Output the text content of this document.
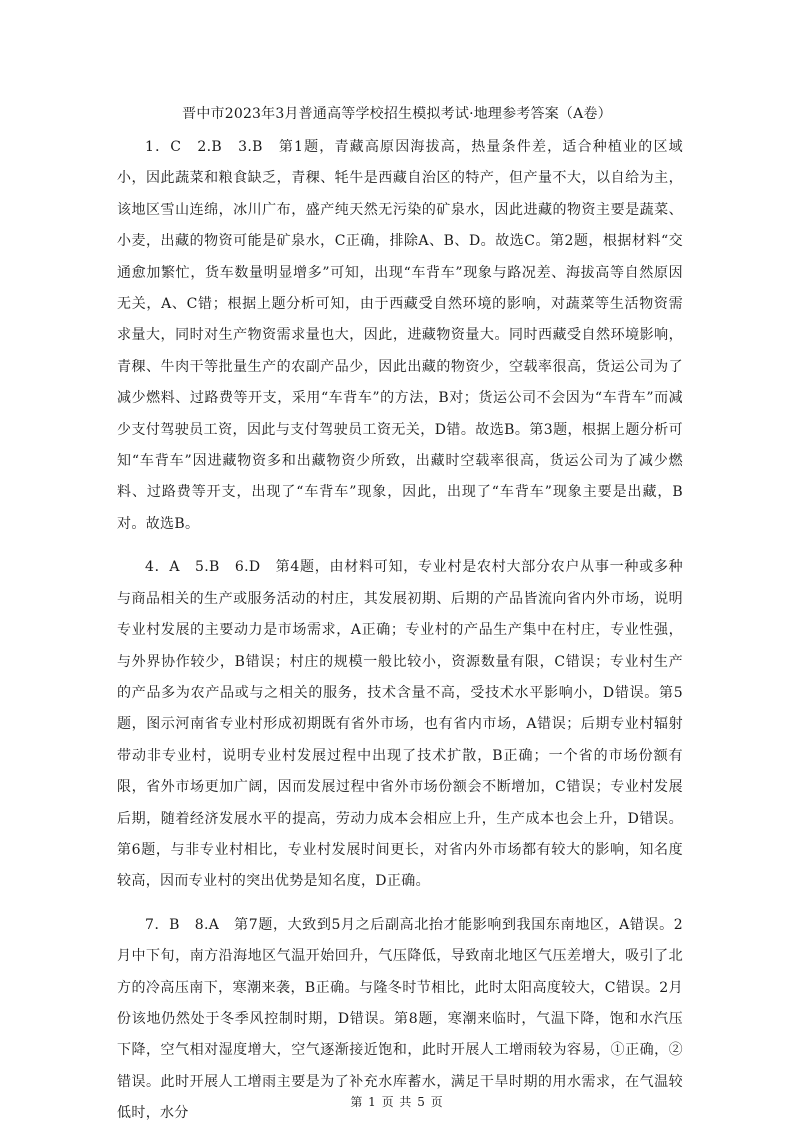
晋中市2023年3月普通高等学校招生模拟考试·地理参考答案（A卷）

1．C　2.B　3.B　第1题，青藏高原因海拔高，热量条件差，适合种植业的区域小，因此蔬菜和粮食缺乏，青稞、牦牛是西藏自治区的特产，但产量不大，以自给为主，该地区雪山连绵，冰川广布，盛产纯天然无污染的矿泉水，因此进藏的物资主要是蔬菜、小麦，出藏的物资可能是矿泉水，C正确，排除A、B、D。故选C。第2题，根据材料“交通愈加繁忙，货车数量明显增多”可知，出现“车背车”现象与路况差、海拔高等自然原因无关，A、C错；根据上题分析可知，由于西藏受自然环境的影响，对蔬菜等生活物资需求量大，同时对生产物资需求量也大，因此，进藏物资量大。同时西藏受自然环境影响，青稞、牛肉干等批量生产的农副产品少，因此出藏的物资少，空载率很高，货运公司为了减少燃料、过路费等开支，采用“车背车”的方法，B对；货运公司不会因为“车背车”而减少支付驾驶员工资，因此与支付驾驶员工资无关，D错。故选B。第3题，根据上题分析可知“车背车”因进藏物资多和出藏物资少所致，出藏时空载率很高，货运公司为了减少燃料、过路费等开支，出现了“车背车”现象，因此，出现了“车背车”现象主要是出藏，B对。故选B。

4．A　5.B　6.D　第4题，由材料可知，专业村是农村大部分农户从事一种或多种与商品相关的生产或服务活动的村庄，其发展初期、后期的产品皆流向省内外市场，说明专业村发展的主要动力是市场需求，A正确；专业村的产品生产集中在村庄，专业性强，与外界协作较少，B错误；村庄的规模一般比较小，资源数量有限，C错误；专业村生产的产品多为农产品或与之相关的服务，技术含量不高，受技术水平影响小，D错误。第5题，图示河南省专业村形成初期既有省外市场，也有省内市场，A错误；后期专业村辐射带动非专业村，说明专业村发展过程中出现了技术扩散，B正确；一个省的市场份额有限，省外市场更加广阔，因而发展过程中省外市场份额会不断增加，C错误；专业村发展后期，随着经济发展水平的提高，劳动力成本会相应上升，生产成本也会上升，D错误。第6题，与非专业村相比，专业村发展时间更长，对省内外市场都有较大的影响，知名度较高，因而专业村的突出优势是知名度，D正确。

7．B　8.A　第7题，大致到5月之后副高北抬才能影响到我国东南地区，A错误。2月中下旬，南方沿海地区气温开始回升，气压降低，导致南北地区气压差增大，吸引了北方的冷高压南下，寒潮来袭，B正确。与隆冬时节相比，此时太阳高度较大，C错误。2月份该地仍然处于冬季风控制时期，D错误。第8题，寒潮来临时，气温下降，饱和水汽压下降，空气相对湿度增大，空气逐渐接近饱和，此时开展人工增雨较为容易，①正确，②错误。此时开展人工增雨主要是为了补充水库蓄水，满足干旱时期的用水需求，在气温较低时，水分

第 1 页 共 5 页
